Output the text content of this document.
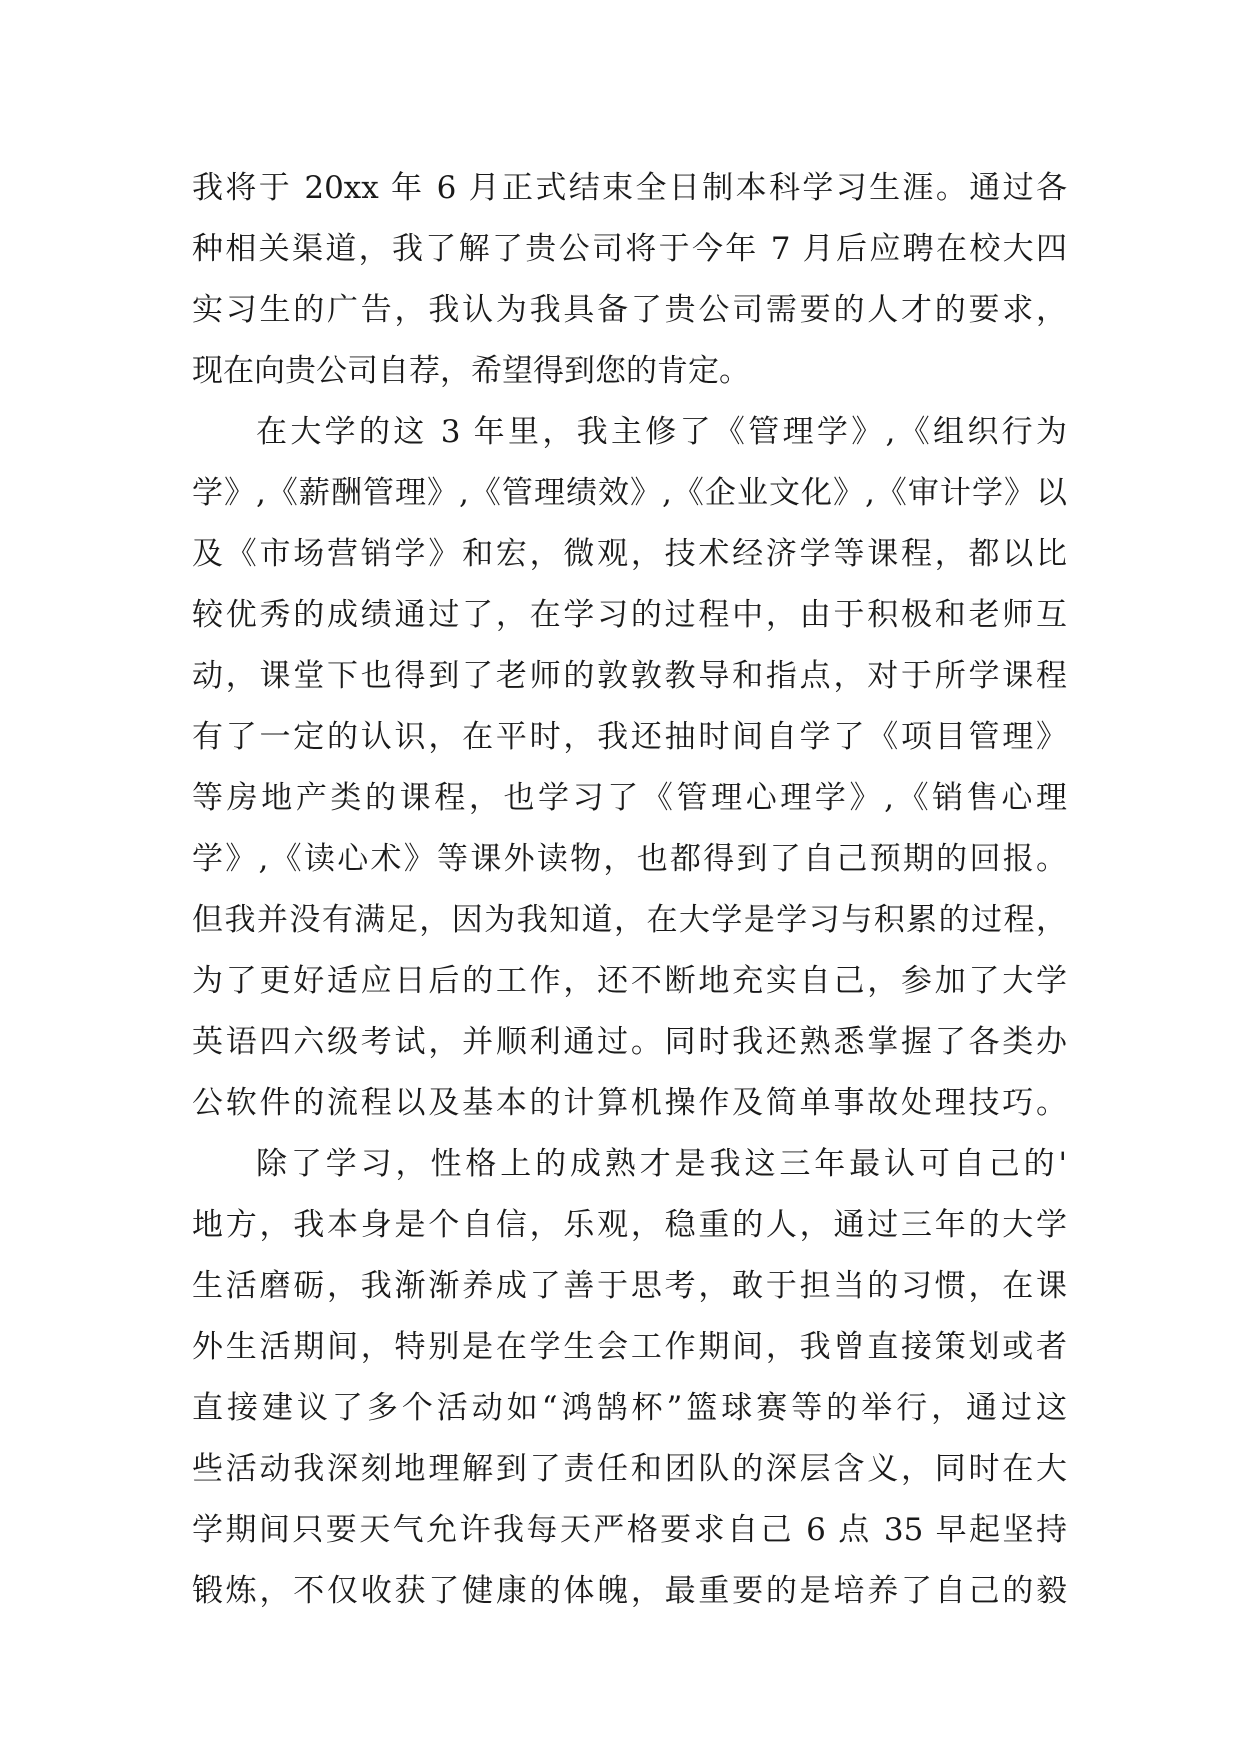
我将于 20xx 年 6 月正式结束全日制本科学习生涯。通过各
种相关渠道，我了解了贵公司将于今年 7 月后应聘在校大四
实习生的广告，我认为我具备了贵公司需要的人才的要求，
现在向贵公司自荐，希望得到您的肯定。
在大学的这 3 年里，我主修了《管理学》,《组织行为
学》,《薪酬管理》,《管理绩效》,《企业文化》,《审计学》以
及《市场营销学》和宏，微观，技术经济学等课程，都以比
较优秀的成绩通过了，在学习的过程中，由于积极和老师互
动，课堂下也得到了老师的敦敦教导和指点，对于所学课程
有了一定的认识，在平时，我还抽时间自学了《项目管理》
等房地产类的课程，也学习了《管理心理学》,《销售心理
学》,《读心术》等课外读物，也都得到了自己预期的回报。
但我并没有满足，因为我知道，在大学是学习与积累的过程，
为了更好适应日后的工作，还不断地充实自己，参加了大学
英语四六级考试，并顺利通过。同时我还熟悉掌握了各类办
公软件的流程以及基本的计算机操作及简单事故处理技巧。
除了学习，性格上的成熟才是我这三年最认可自己的'
地方，我本身是个自信，乐观，稳重的人，通过三年的大学
生活磨砺，我渐渐养成了善于思考，敢于担当的习惯，在课
外生活期间，特别是在学生会工作期间，我曾直接策划或者
直接建议了多个活动如“鸿鹄杯”篮球赛等的举行，通过这
些活动我深刻地理解到了责任和团队的深层含义，同时在大
学期间只要天气允许我每天严格要求自己 6 点 35 早起坚持
锻炼，不仅收获了健康的体魄，最重要的是培养了自己的毅
